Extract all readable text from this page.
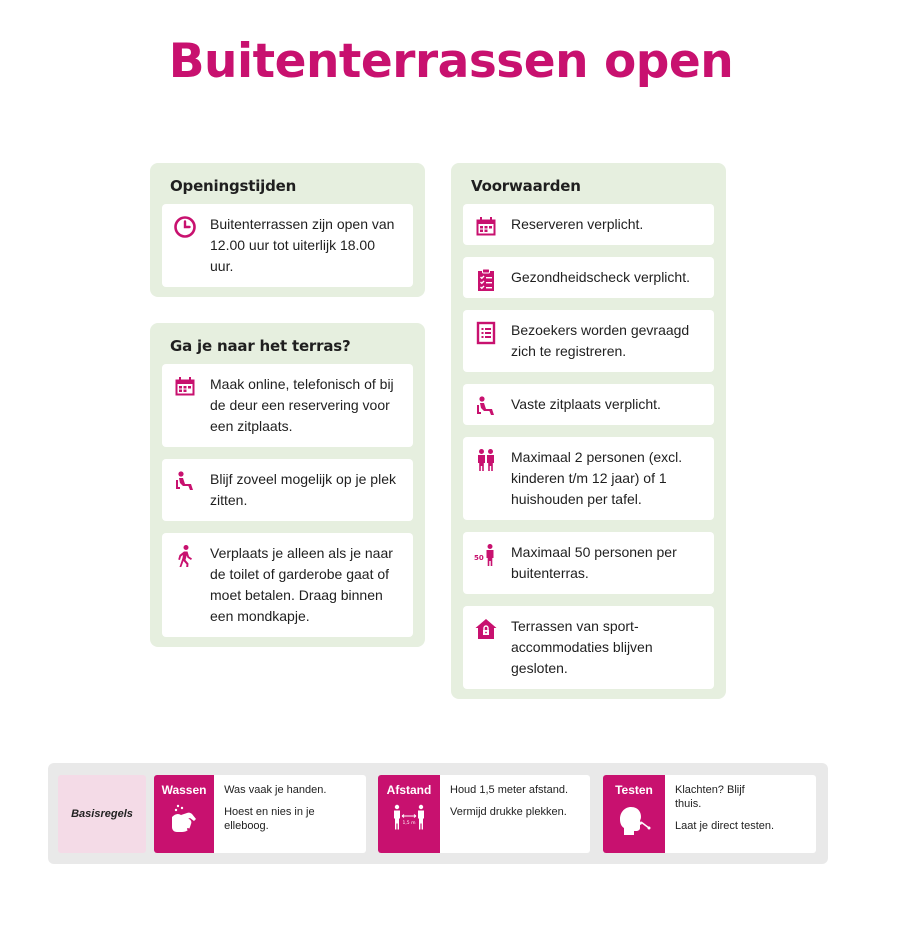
Buitenterrassen open
Openingstijden
Buitenterrassen zijn open van 12.00 uur tot uiterlijk 18.00 uur.
Ga je naar het terras?
Maak online, telefonisch of bij de deur een reservering voor een zitplaats.
Blijf zoveel mogelijk op je plek zitten.
Verplaats je alleen als je naar de toilet of garderobe gaat of moet betalen. Draag binnen een mondkapje.
Voorwaarden
Reserveren verplicht.
Gezondheidscheck verplicht.
Bezoekers worden gevraagd zich te registreren.
Vaste zitplaats verplicht.
Maximaal 2 personen (excl. kinderen t/m 12 jaar) of 1 huishouden per tafel.
50 Maximaal 50 personen per buitenterras.
Terrassen van sport-accommodaties blijven gesloten.
Basisregels
Wassen Was vaak je handen.

Hoest en nies in je elleboog.

Afstand
1,5 m

Houd 1,5 meter afstand.

Vermijd drukke plekken.

Testen Klachten? Blijf thuis.

Laat je direct testen.
